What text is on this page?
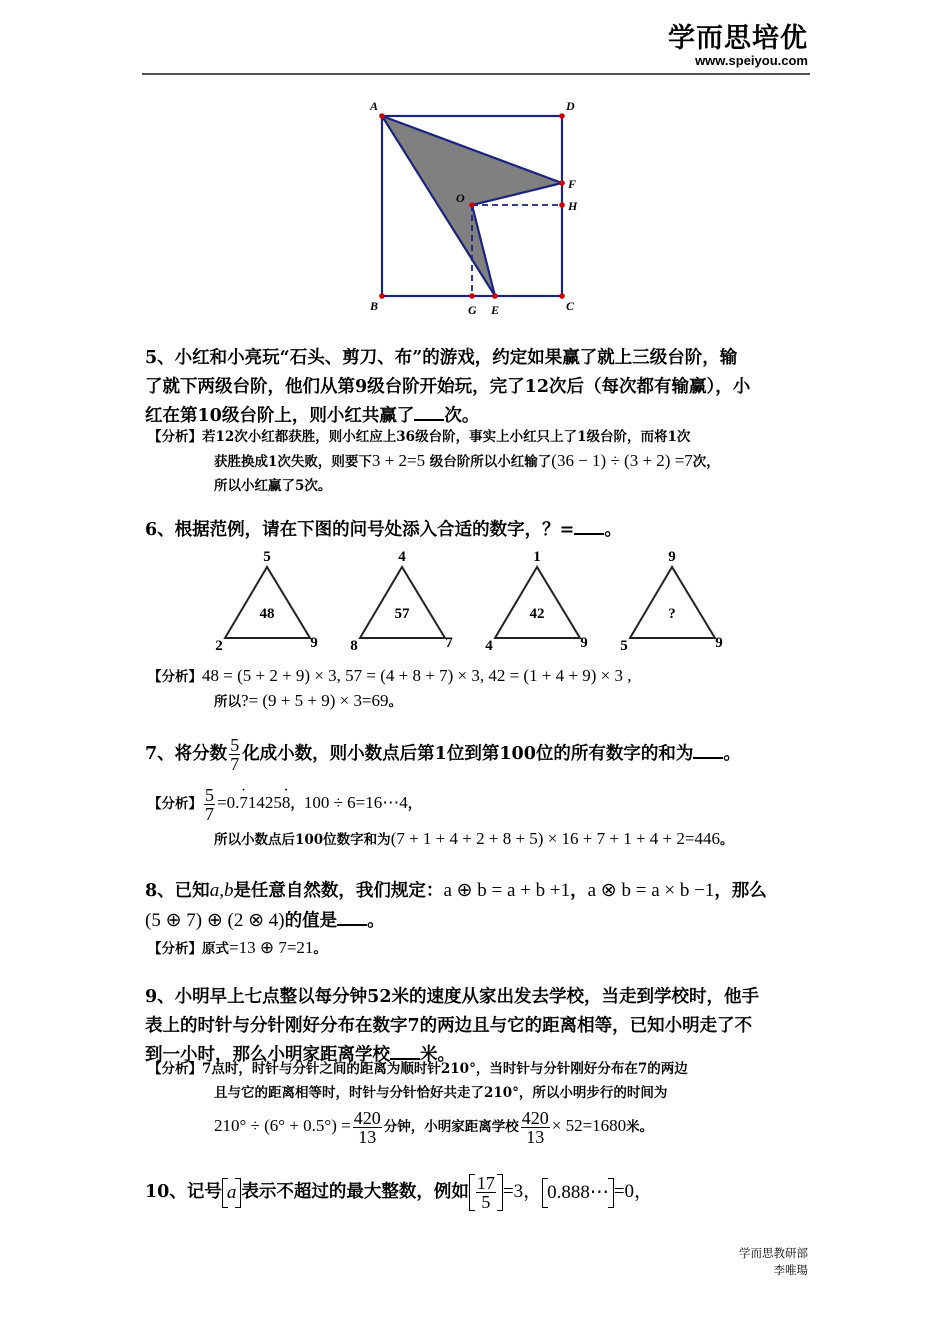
学而思培优
www.speiyou.com
A	D
F
O
H
B	G E	C
5、小红和小亮玩“石头、剪刀、布”的游戏，约定如果赢了就上三级台阶，输
了就下两级台阶，他们从第9级台阶开始玩，完了12次后（每次都有输赢），小
红在第10级台阶上，则小红共赢了 次。
【分析】若12次小红都获胜，则小红应上36级台阶，事实上小红只上了1级台阶，而将1次
获胜换成1次失败，则要下3 + 2=5 级台阶所以小红输了(36 − 1) ÷ (3 + 2) =7次，
所以小红赢了5次。
6、根据范例，请在下图的问号处添入合适的数字，？= 。
5
2	9
48
4
8	7
57
1
4	9
42
9
5	9
?
【分析】48 = (5 + 2 + 9) × 3, 57 = (4 + 8 + 7) × 3, 42 = (1 + 4 + 9) × 3 ,
所以?= (9 + 5 + 9) × 3=69。
7、将分数 $\frac{5}{7}$ 化成小数，则小数点后第1位到第100位的所有数字的和为 。
【分析】 $\frac{5}{7} =0.7 \cdot 14258$ ·，100 ÷ 6=16⋯4，
所以小数点后100位数字和为(7 + 1 + 4 + 2 + 8 + 5) × 16 + 7 + 1 + 4 + 2=446。
8、已知a,b是任意自然数，我们规定：a ⊕ b = a + b +1，a ⊗ b = a × b −1，那么
(5 ⊕ 7) ⊕ (2 ⊗ 4)的值是 。
【分析】原式=13 ⊕ 7=21。
9、小明早上七点整以每分钟52米的速度从家出发去学校，当走到学校时，他手
表上的时针与分针刚好分布在数字7的两边且与它的距离相等，已知小明走了不
到一小时，那么小明家距离学校 米。
【分析】7点时，时针与分针之间的距离为顺时针210°，当时针与分针刚好分布在7的两边
且与它的距离相等时，时针与分针恰好共走了210°，所以小明步行的时间为
$210^\circ \div (6^\circ + 0.5^\circ) = \frac{420}{13}$ 分钟，小明家距离学校 $\frac{420}{13} \times 52=1680$米。
10、记号 a 表示不超过的最大整数，例如 $\frac{17}{5} =3$， 0.888⋯ =0，
学而思教研部
李唯瑒
